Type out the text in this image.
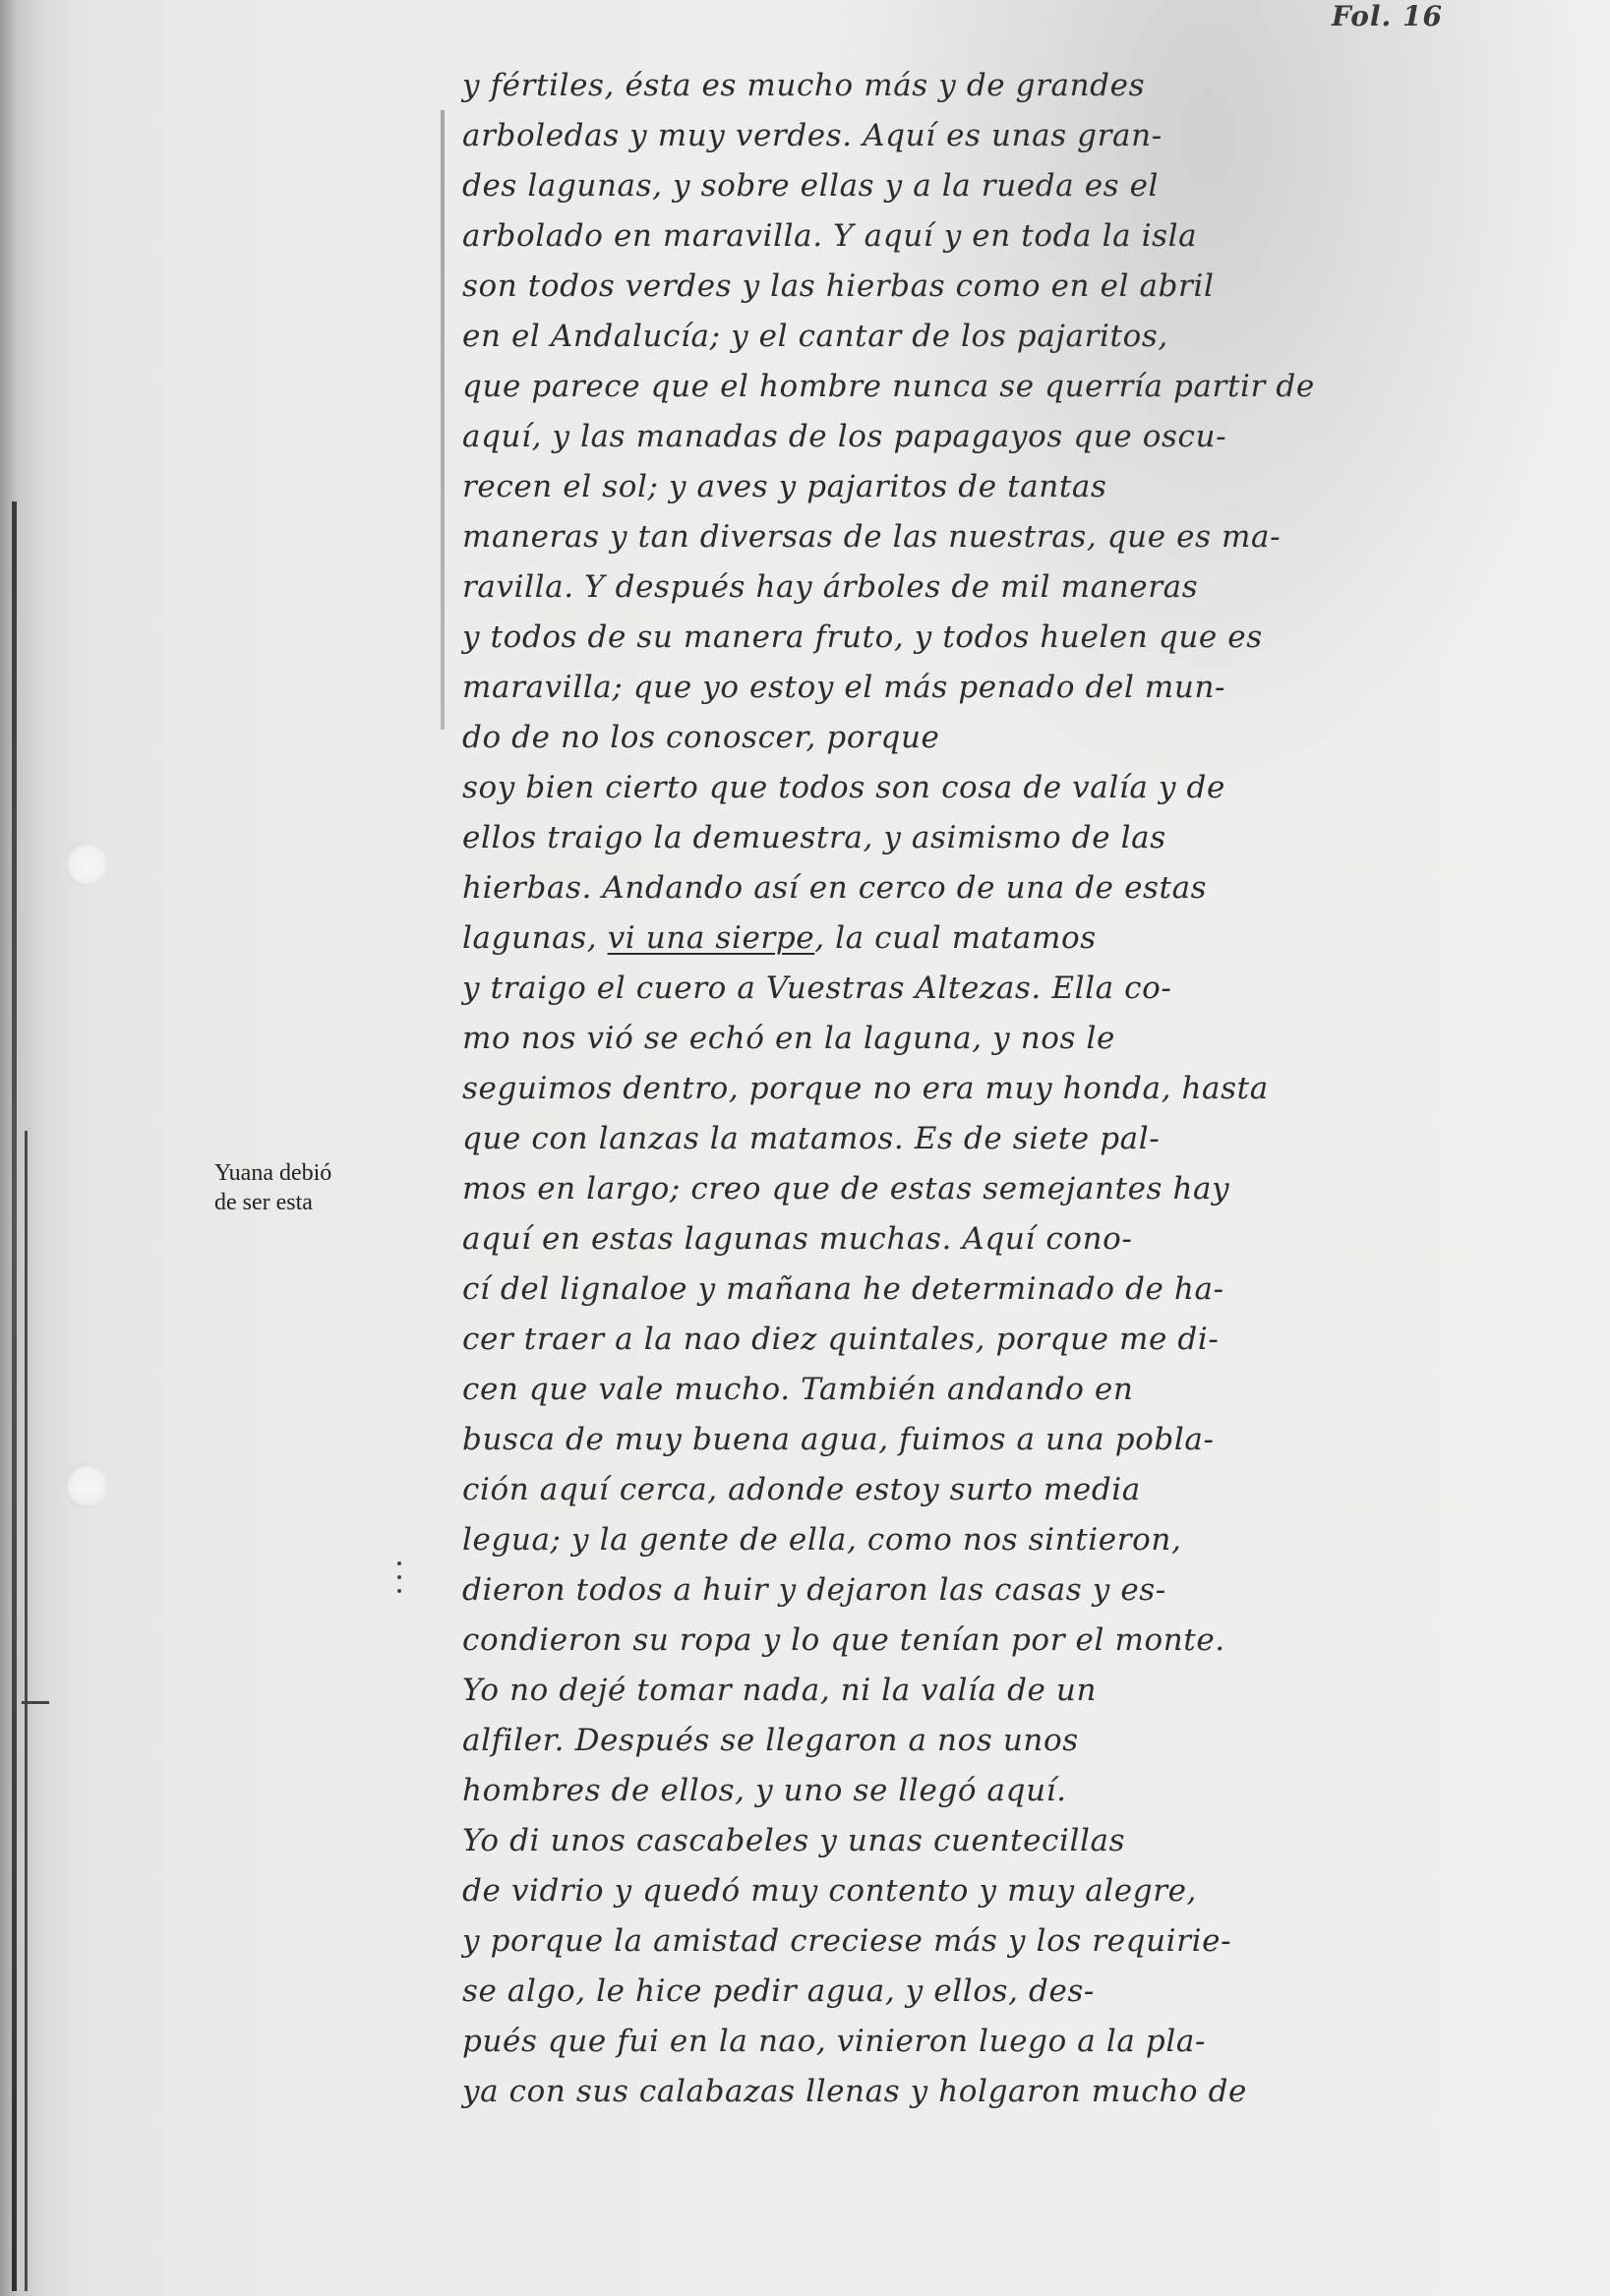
Fol. 16
Yuana debió
de ser esta
y fértiles, ésta es mucho más y de grandes
arboledas y muy verdes. Aquí es unas gran-
des lagunas, y sobre ellas y a la rueda es el
arbolado en maravilla. Y aquí y en toda la isla
son todos verdes y las hierbas como en el abril
en el Andalucía; y el cantar de los pajaritos,
que parece que el hombre nunca se querría partir de
aquí, y las manadas de los papagayos que oscu-
recen el sol; y aves y pajaritos de tantas
maneras y tan diversas de las nuestras, que es ma-
ravilla. Y después hay árboles de mil maneras
y todos de su manera fruto, y todos huelen que es
maravilla; que yo estoy el más penado del mun-
do de no los conoscer, porque
soy bien cierto que todos son cosa de valía y de
ellos traigo la demuestra, y asimismo de las
hierbas. Andando así en cerco de una de estas
lagunas, vi una sierpe, la cual matamos
y traigo el cuero a Vuestras Altezas. Ella co-
mo nos vió se echó en la laguna, y nos le
seguimos dentro, porque no era muy honda, hasta
que con lanzas la matamos. Es de siete pal-
mos en largo; creo que de estas semejantes hay
aquí en estas lagunas muchas. Aquí cono-
cí del lignaloe y mañana he determinado de ha-
cer traer a la nao diez quintales, porque me di-
cen que vale mucho. También andando en
busca de muy buena agua, fuimos a una pobla-
ción aquí cerca, adonde estoy surto media
legua; y la gente de ella, como nos sintieron,
dieron todos a huir y dejaron las casas y es-
condieron su ropa y lo que tenían por el monte.
Yo no dejé tomar nada, ni la valía de un
alfiler. Después se llegaron a nos unos
hombres de ellos, y uno se llegó aquí.
Yo di unos cascabeles y unas cuentecillas
de vidrio y quedó muy contento y muy alegre,
y porque la amistad creciese más y los requirie-
se algo, le hice pedir agua, y ellos, des-
pués que fui en la nao, vinieron luego a la pla-
ya con sus calabazas llenas y holgaron mucho de
